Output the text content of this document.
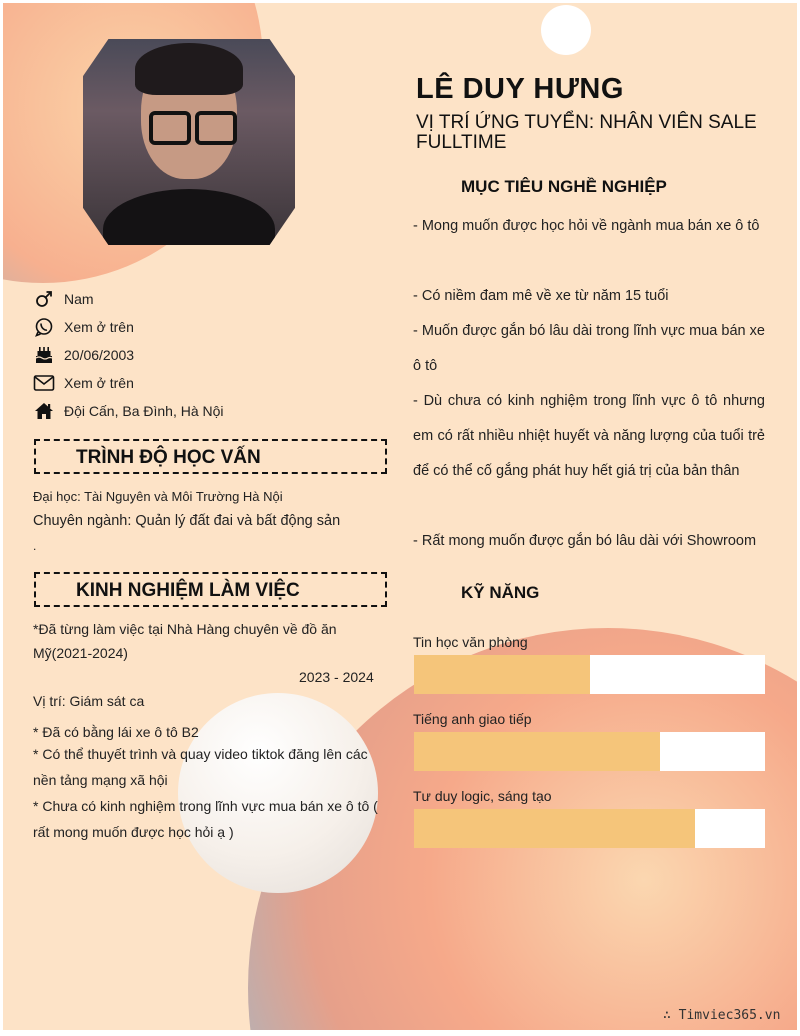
Nam
Xem ở trên
20/06/2003
Xem ở trên
Đội Cấn, Ba Đình, Hà Nội
TRÌNH ĐỘ HỌC VẤN
Đại học: Tài Nguyên và Môi Trường Hà Nội
Chuyên ngành: Quản lý đất đai và bất động sản
.
KINH NGHIỆM LÀM VIỆC
*Đã từng làm việc tại Nhà Hàng chuyên về đồ ăn Mỹ(2021-2024)
2023 - 2024
Vị trí: Giám sát ca
* Đã có bằng lái xe ô tô B2
* Có thể thuyết trình và quay video tiktok đăng lên các nền tảng mạng xã hội
* Chưa có kinh nghiệm trong lĩnh vực mua bán xe ô tô ( rất mong muốn được học hỏi ạ )
LÊ DUY HƯNG
VỊ TRÍ ỨNG TUYỂN: NHÂN VIÊN SALE FULLTIME
MỤC TIÊU NGHỀ NGHIỆP
- Mong muốn được học hỏi về ngành mua bán xe ô tô
- Có niềm đam mê về xe từ năm 15 tuổi
- Muốn được gắn bó lâu dài trong lĩnh vực mua bán xe ô tô
- Dù chưa có kinh nghiệm trong lĩnh vực ô tô nhưng em có rất nhiều nhiệt huyết và năng lượng của tuổi trẻ để có thể cố gắng phát huy hết giá trị của bản thân
- Rất mong muốn được gắn bó lâu dài với Showroom
KỸ NĂNG
Tin học văn phòng
Tiếng anh giao tiếp
Tư duy logic, sáng tạo
∴ Timviec365.vn
